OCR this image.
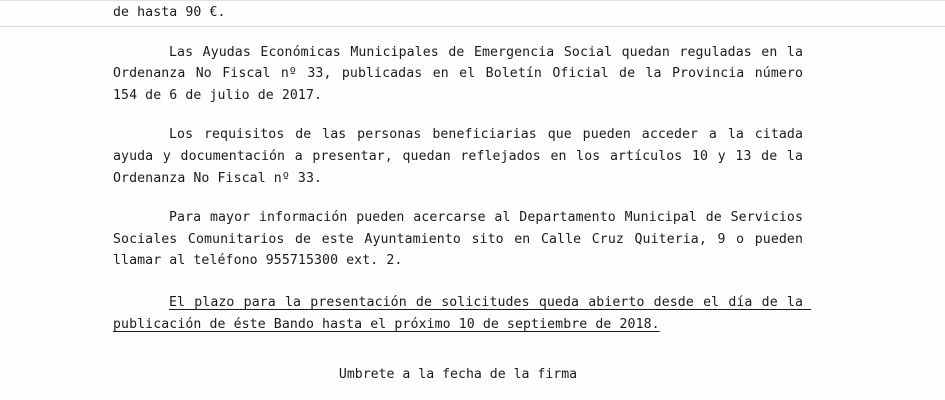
de hasta 90 €.

Las Ayudas Económicas Municipales de Emergencia Social quedan reguladas en la Ordenanza No Fiscal nº 33, publicadas en el Boletín Oficial de la Provincia número 154 de 6 de julio de 2017.

Los requisitos de las personas beneficiarias que pueden acceder a la citada ayuda y documentación a presentar, quedan reflejados en los artículos 10 y 13 de la Ordenanza No Fiscal nº 33.

Para mayor información pueden acercarse al Departamento Municipal de Servicios Sociales Comunitarios de este Ayuntamiento sito en Calle Cruz Quiteria, 9 o pueden llamar al teléfono 955715300 ext. 2.

El plazo para la presentación de solicitudes queda abierto desde el día de la publicación de éste Bando hasta el próximo 10 de septiembre de 2018.

Umbrete a la fecha de la firma
